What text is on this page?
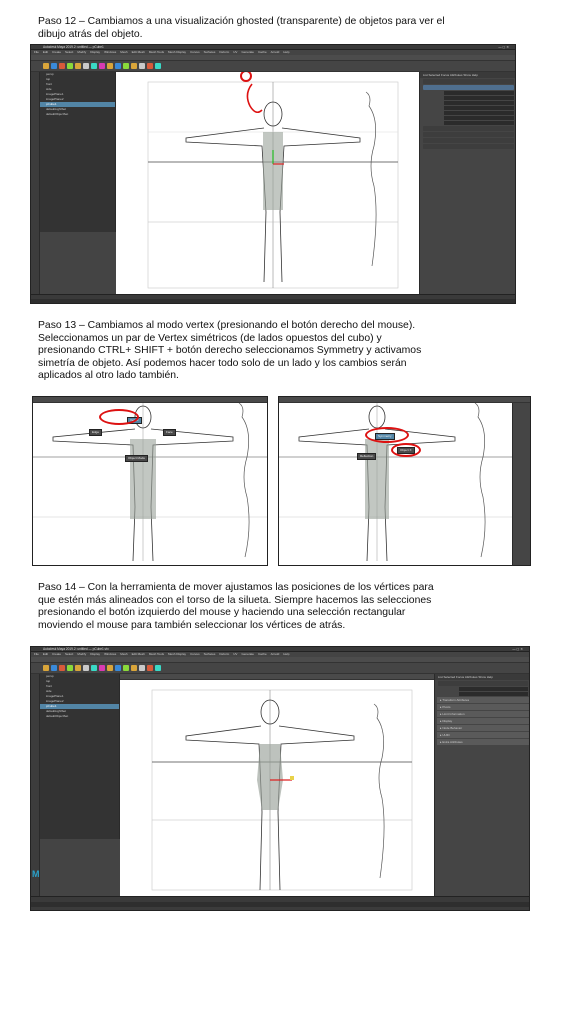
Paso 12 – Cambiamos a una visualización ghosted (transparente) de objetos para ver el
dibujo atrás del objeto.
Autodesk Maya 2019.2: untitled — pCube1	— ▢ ✕
File Edit Create Select Modify Display Windows Mesh Edit Mesh Mesh Tools Mesh Display Curves Surfaces Deform UV Generate Cache Arnold Help
persp
top
front
side
imagePlane1
imagePlane2
pCube1
defaultLightSet
defaultObjectSet
List Selected Focus Attributes Show Help
Paso 13 – Cambiamos al modo vertex (presionando el botón derecho del mouse).
Seleccionamos un par de Vertex simétricos (de lados opuestos del cubo) y
presionando CTRL+ SHIFT + botón derecho seleccionamos Symmetry y activamos
simetría de objeto. Así podemos hacer todo solo de un lado y los cambios serán
aplicados al otro lado también.
Vertex
Edge	Face
Object Mode
Symmetry
Object X
Reflection
Paso 14 – Con la herramienta de mover ajustamos las posiciones de los vértices para
que estén más alineados con el torso de la silueta. Siempre hacemos las selecciones
presionando el botón izquierdo del mouse y haciendo una selección rectangular
moviendo el mouse para también seleccionar los vértices de atrás.
Autodesk Maya 2019.2: untitled — pCube1.vtx	— ▢ ✕
File Edit Create Select Modify Display Windows Mesh Edit Mesh Mesh Tools Mesh Display Curves Surfaces Deform UV Generate Cache Arnold Help
persp
top
front
side
imagePlane1
imagePlane2
pCube1
defaultLightSet
defaultObjectSet
M
List Selected Focus Attributes Show Help
▸ Transform Attributes
▸ Pivots
▸ Limit Information
▸ Display
▸ Node Behavior
▸ UUID
▸ Extra Attributes
